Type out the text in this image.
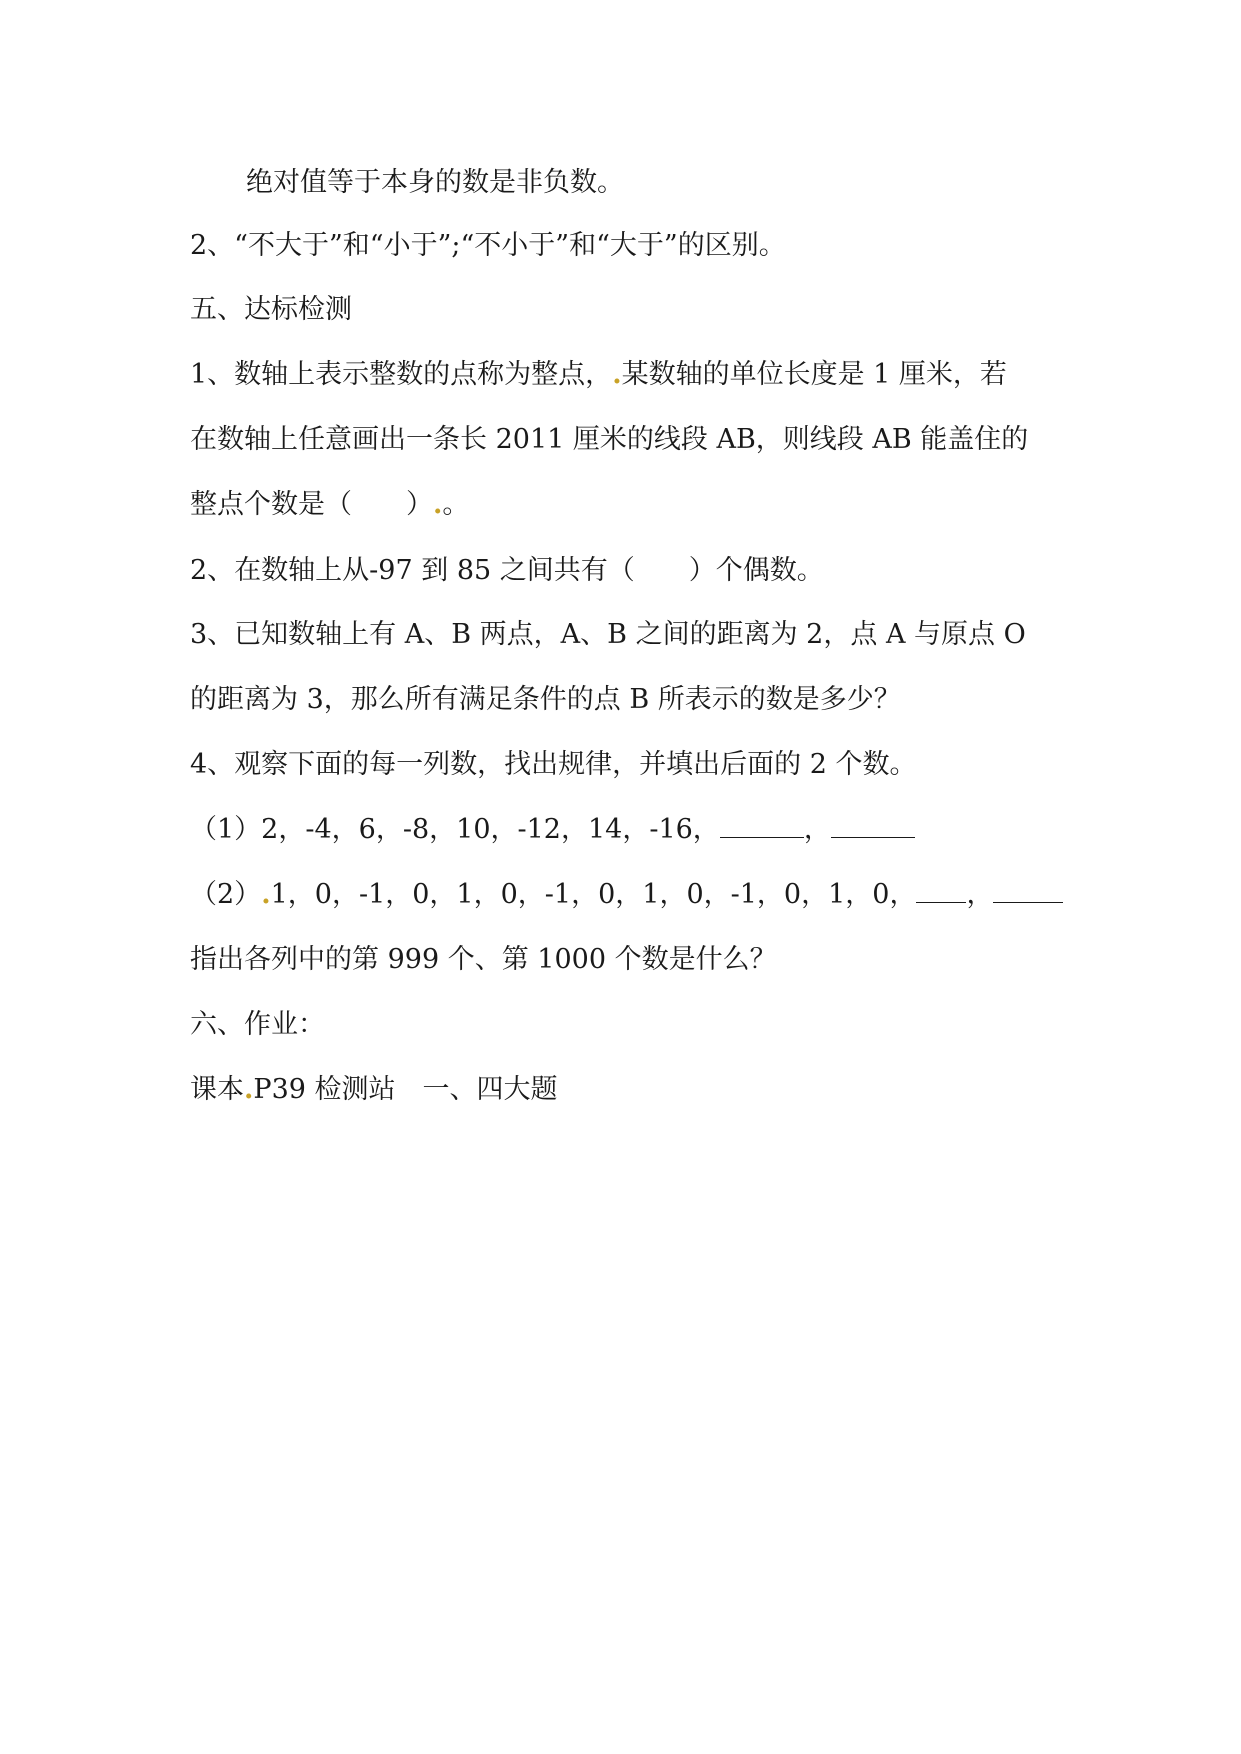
绝对值等于本身的数是非负数。
2、“不大于”和“小于”;“不小于”和“大于”的区别。
五、达标检测
1、数轴上表示整数的点称为整点，.某数轴的单位长度是 1 厘米，若
在数轴上任意画出一条长 2011 厘米的线段 AB，则线段 AB 能盖住的
整点个数是（ ）.。
2、在数轴上从-97 到 85 之间共有（ ）个偶数。
3、已知数轴上有 A、B 两点，A、B 之间的距离为 2，点 A 与原点 O
的距离为 3，那么所有满足条件的点 B 所表示的数是多少？
4、观察下面的每一列数，找出规律，并填出后面的 2 个数。
（1）2，-4，6，-8，10，-12，14，-16，	，
（2）.1，0，-1，0，1，0，-1，0，1，0，-1，0，1，0， ，
指出各列中的第 999 个、第 1000 个数是什么？
六、作业：
课本.P39 检测站　一、四大题
